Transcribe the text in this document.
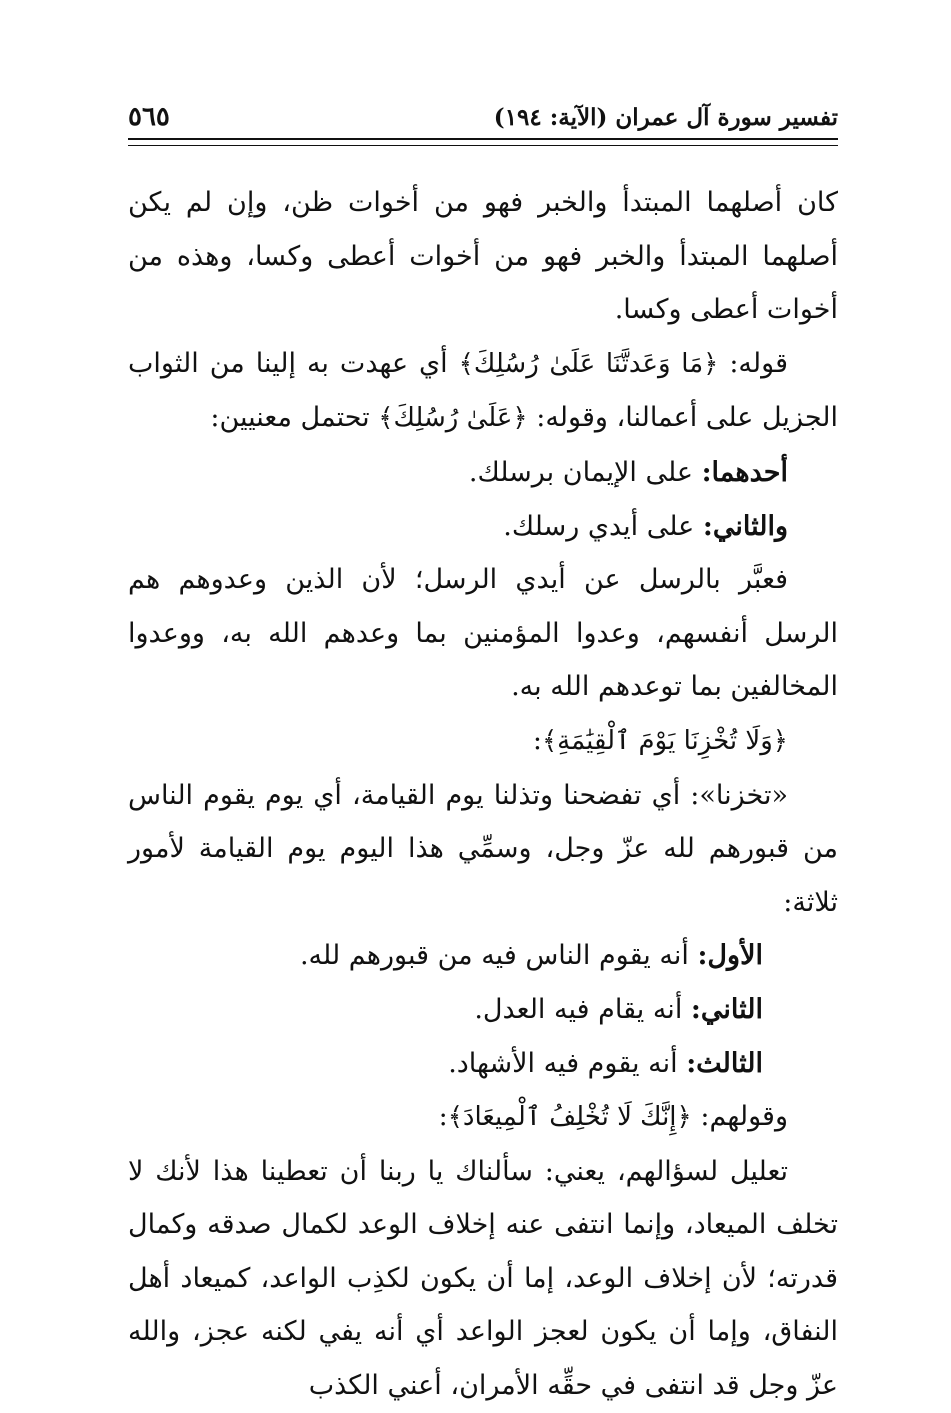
تفسير سورة آل عمران (الآية: ١٩٤)
٥٦٥

كان أصلهما المبتدأ والخبر فهو من أخوات ظن، وإن لم يكن أصلهما المبتدأ والخبر فهو من أخوات أعطى وكسا، وهذه من أخوات أعطى وكسا.

قوله: ﴿مَا وَعَدتَّنَا عَلَىٰ رُسُلِكَ﴾ أي عهدت به إلينا من الثواب الجزيل على أعمالنا، وقوله: ﴿عَلَىٰ رُسُلِكَ﴾ تحتمل معنيين:

أحدهما: على الإيمان برسلك.

والثاني: على أيدي رسلك.

فعبَّر بالرسل عن أيدي الرسل؛ لأن الذين وعدوهم هم الرسل أنفسهم، وعدوا المؤمنين بما وعدهم الله به، ووعدوا المخالفين بما توعدهم الله به.

﴿وَلَا تُخْزِنَا يَوْمَ ٱلْقِيَٰمَةِ﴾:

«تخزنا»: أي تفضحنا وتذلنا يوم القيامة، أي يوم يقوم الناس من قبورهم لله عزّ وجل، وسمِّي هذا اليوم يوم القيامة لأمور ثلاثة:

الأول: أنه يقوم الناس فيه من قبورهم لله.

الثاني: أنه يقام فيه العدل.

الثالث: أنه يقوم فيه الأشهاد.

وقولهم: ﴿إِنَّكَ لَا تُخْلِفُ ٱلْمِيعَادَ﴾:

تعليل لسؤالهم، يعني: سألناك يا ربنا أن تعطينا هذا لأنك لا تخلف الميعاد، وإنما انتفى عنه إخلاف الوعد لكمال صدقه وكمال قدرته؛ لأن إخلاف الوعد، إما أن يكون لكذِب الواعد، كميعاد أهل النفاق، وإما أن يكون لعجز الواعد أي أنه يفي لكنه عجز، والله عزّ وجل قد انتفى في حقِّه الأمران، أعني الكذب
